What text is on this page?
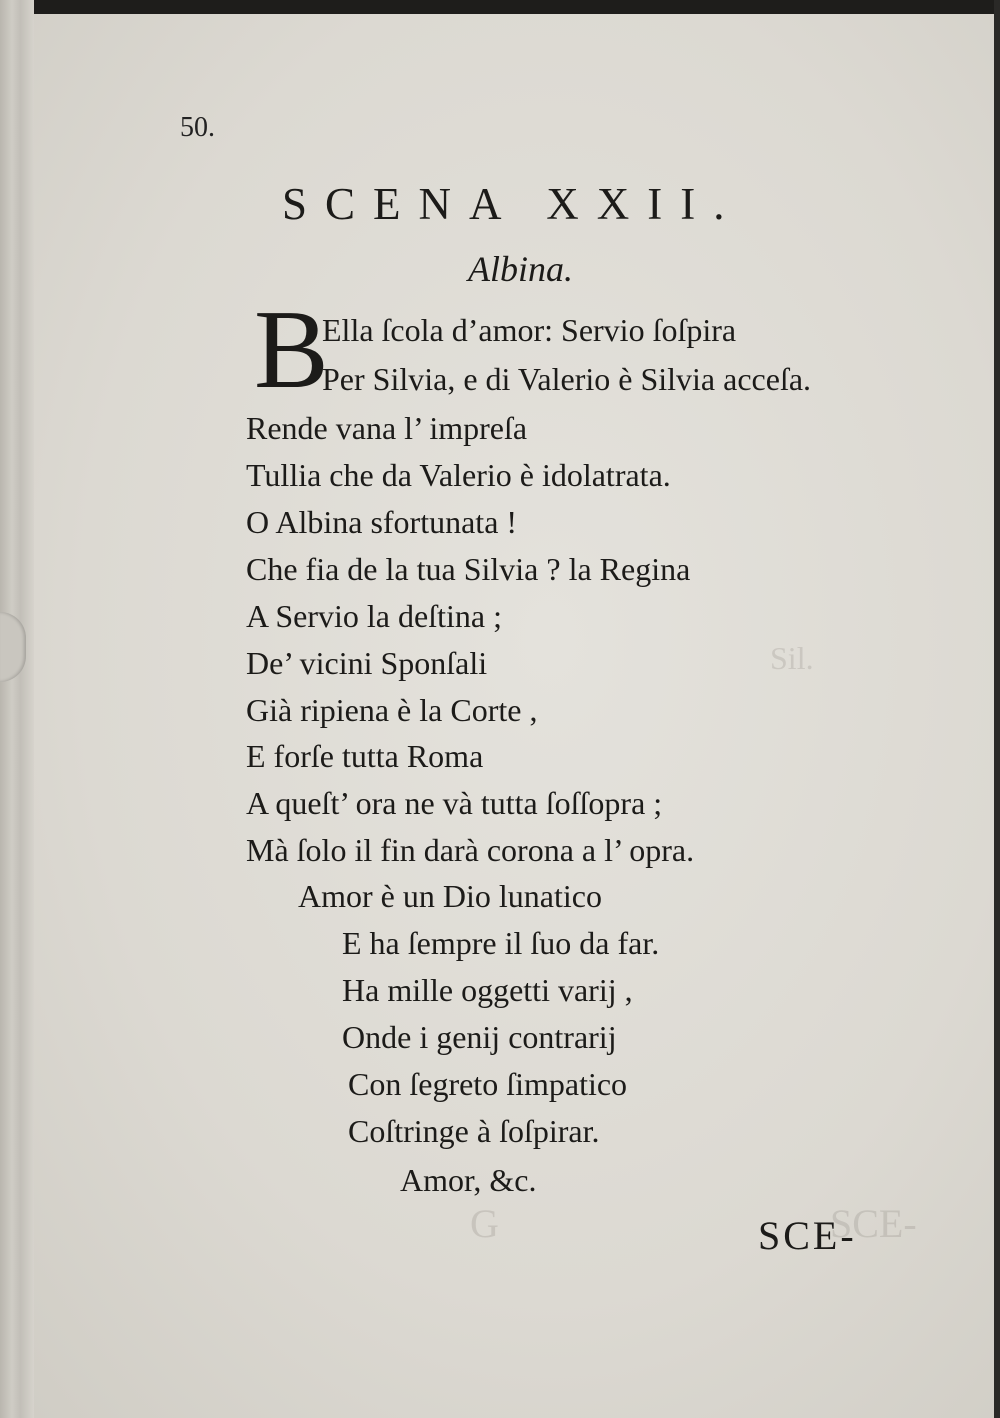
Sil.
SCE-
G
50.
SCENA XXII.
Albina.
B
Ella ſcola d’amor: Servio ſoſpira
Per Silvia, e di Valerio è Silvia acceſa.
Rende vana l’ impreſa
Tullia che da Valerio è idolatrata.
O Albina sfortunata !
Che fia de la tua Silvia ? la Regina
A Servio la deſtina ;
De’ vicini Sponſali
Già ripiena è la Corte ,
E forſe tutta Roma
A queſt’ ora ne và tutta ſoſſopra ;
Mà ſolo il fin darà corona a l’ opra.
Amor è un Dio lunatico
E ha ſempre il ſuo da far.
Ha mille oggetti varij ,
Onde i genij contrarij
Con ſegreto ſimpatico
Coſtringe à ſoſpirar.
Amor, &c.
SCE-
